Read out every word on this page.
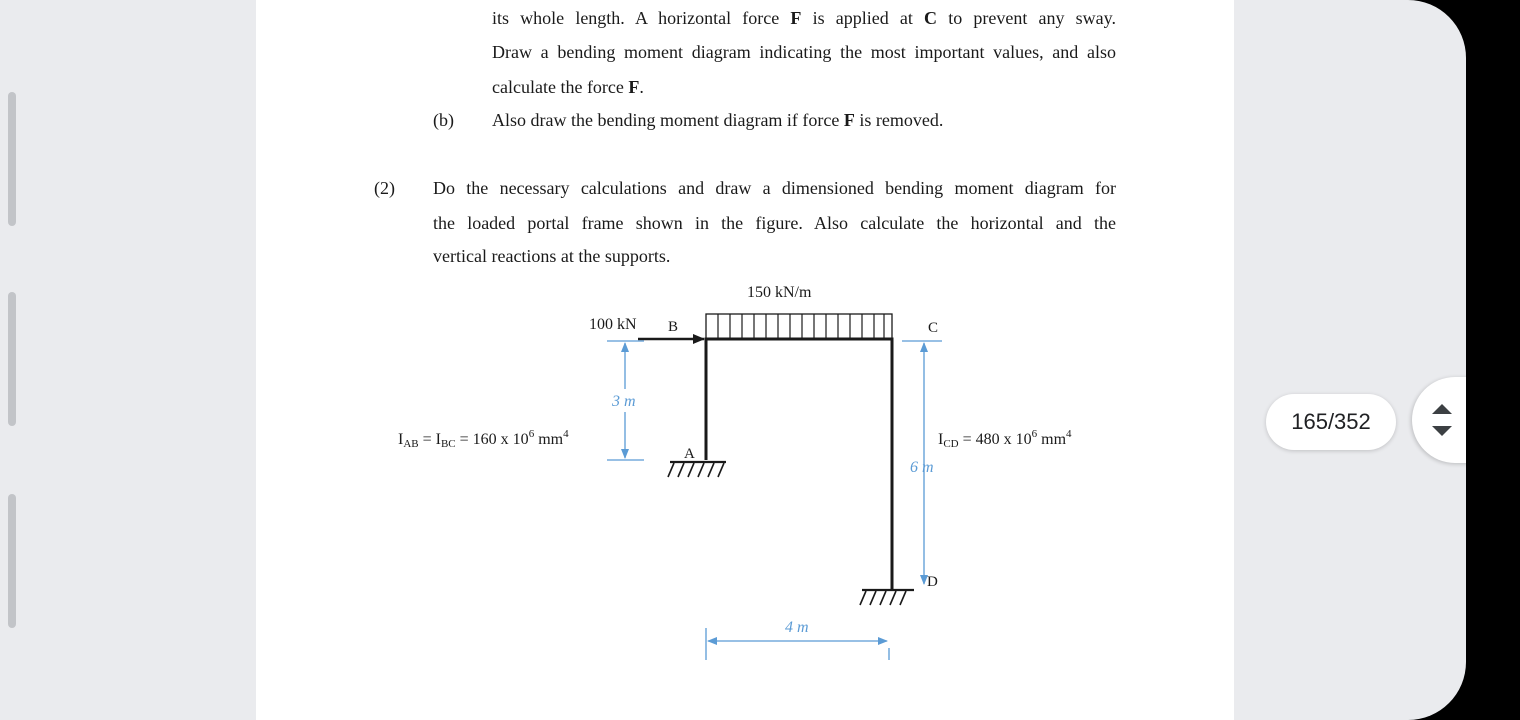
its whole length. A horizontal force F is applied at C to prevent any sway.
Draw a bending moment diagram indicating the most important values, and also
calculate the force F.
(b) Also draw the bending moment diagram if force F is removed.
(2) Do the necessary calculations and draw a dimensioned bending moment diagram for
the loaded portal frame shown in the figure. Also calculate the horizontal and the
vertical reactions at the supports.
150 kN/m
100 kN B	C
A
D
3 m
6 m
4 m
IAB = IBC = 160 x $10^6$ $mm^4$	ICD = 480 x $10^6$ $mm^4$	165/352
